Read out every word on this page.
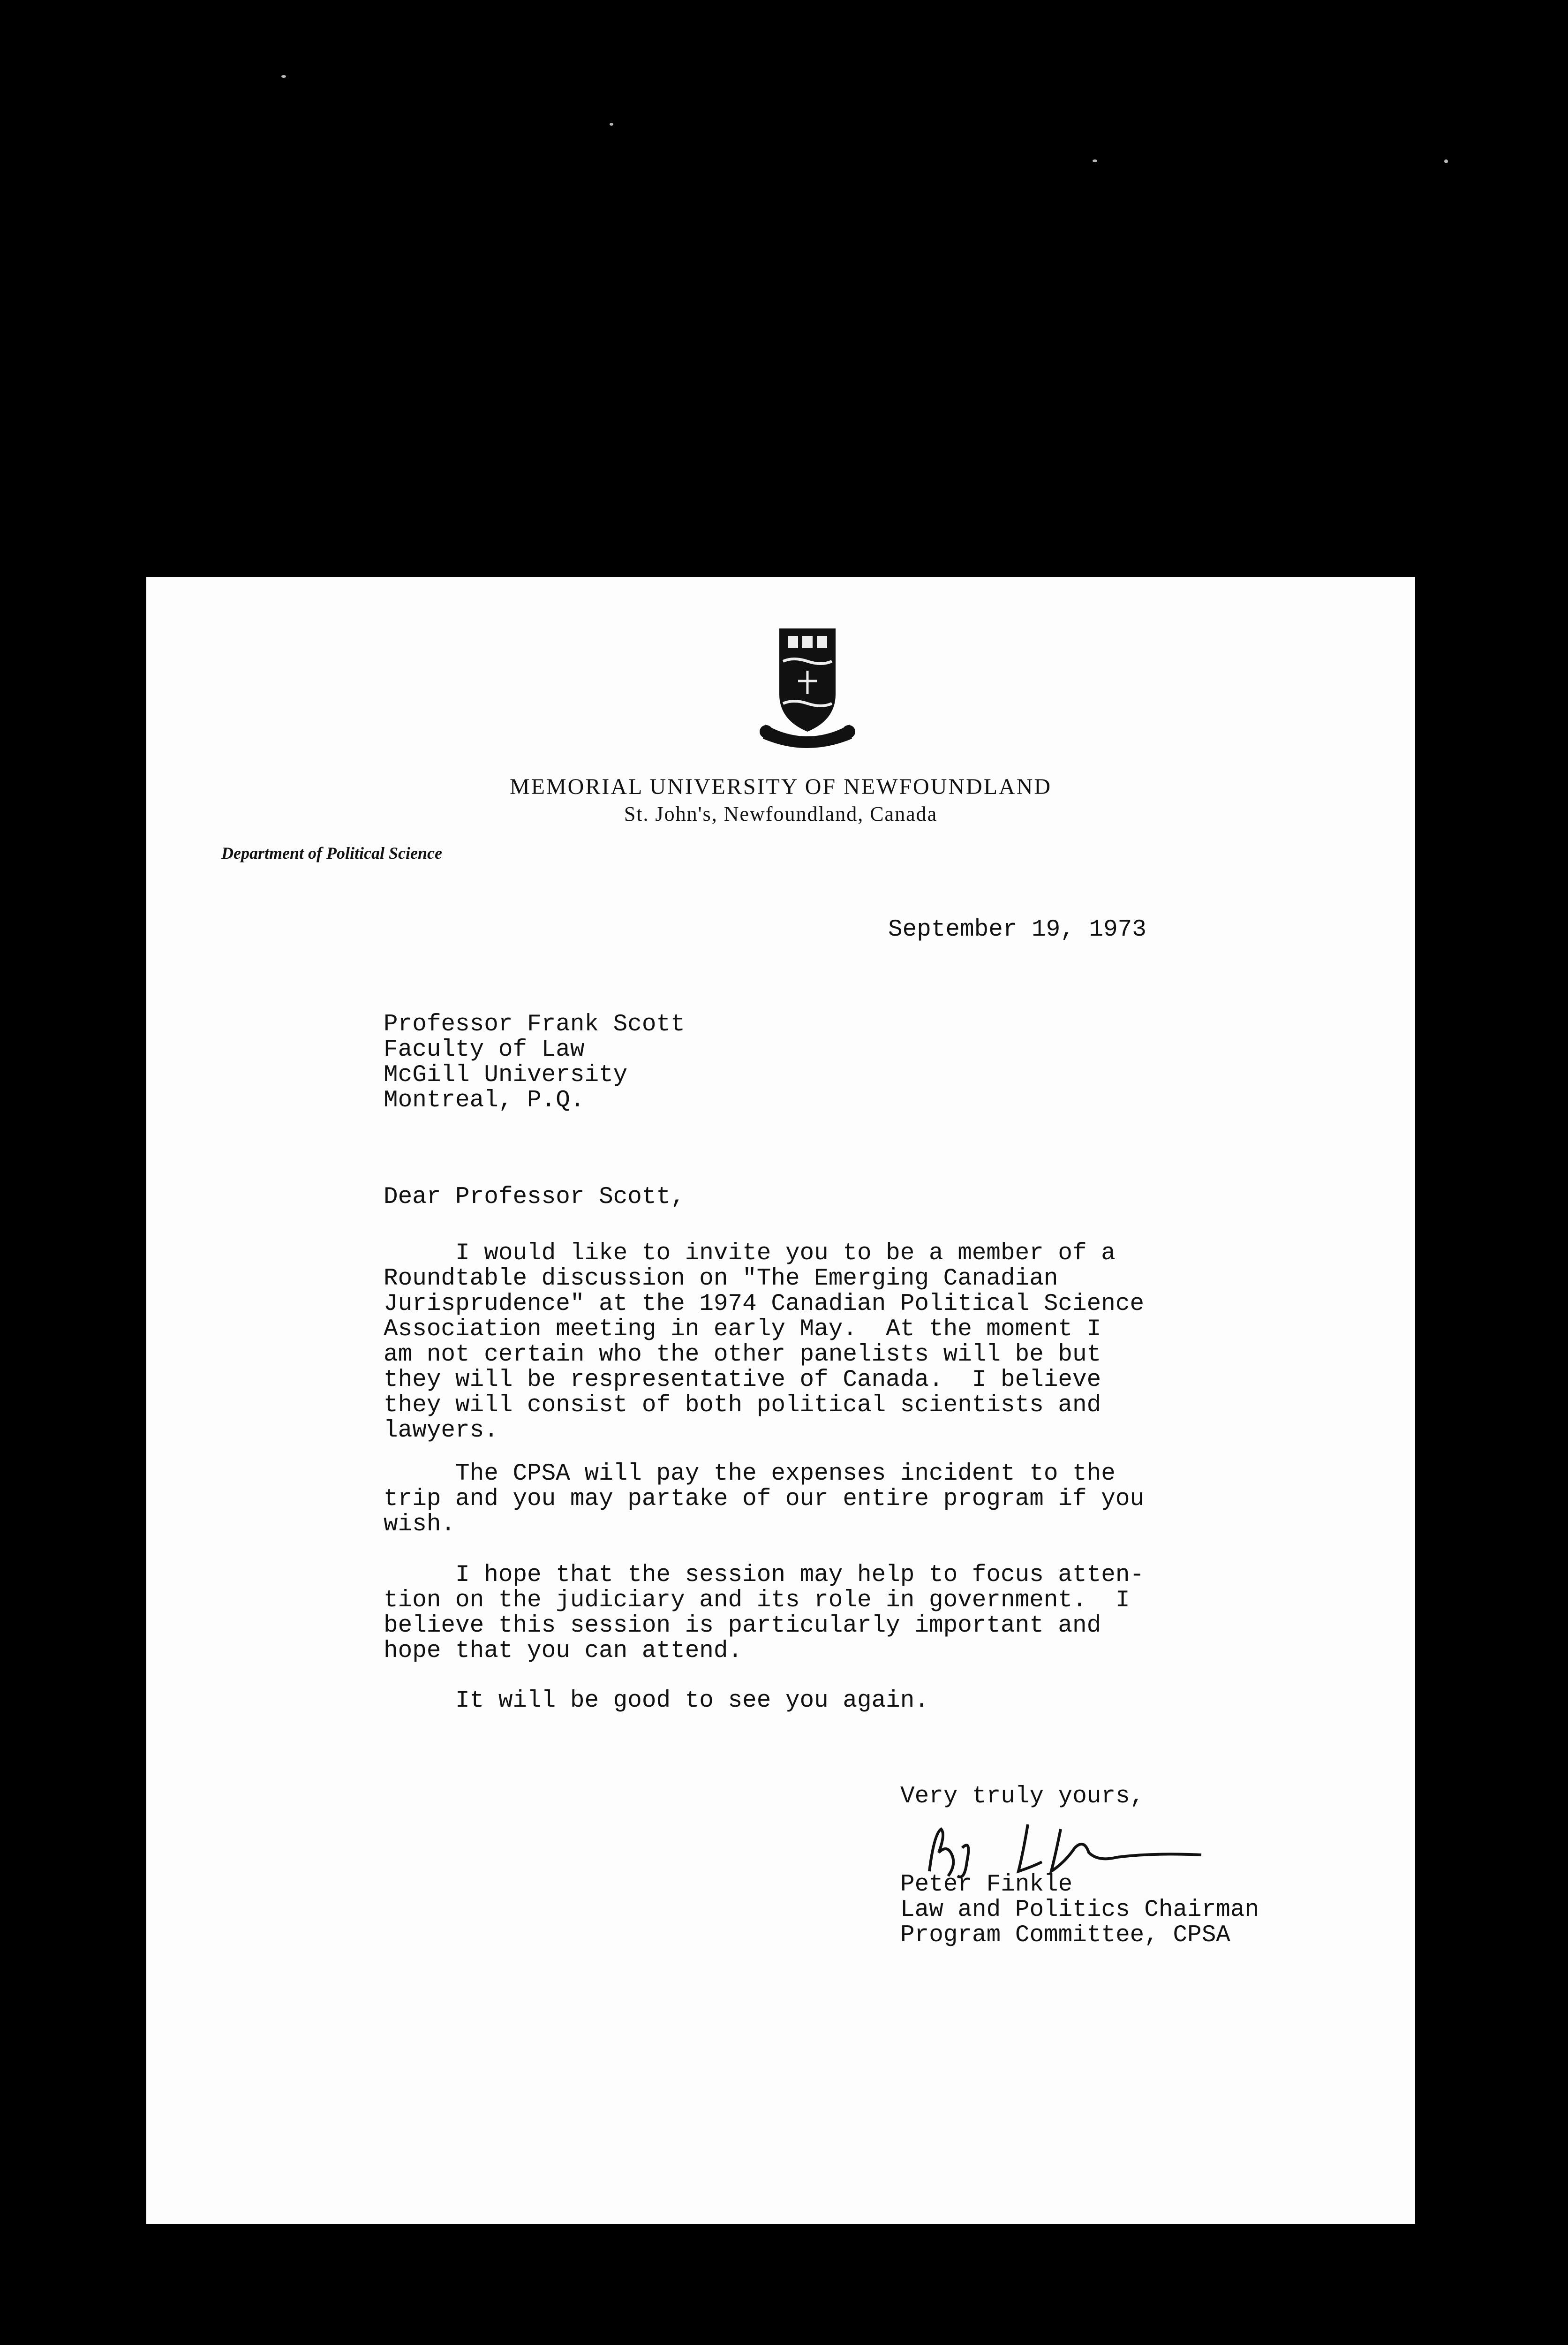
MEMORIAL UNIVERSITY OF NEWFOUNDLAND
St. John's, Newfoundland, Canada
Department of Political Science
September 19, 1973
Professor Frank Scott
Faculty of Law
McGill University
Montreal, P.Q.
Dear Professor Scott,
I would like to invite you to be a member of a
Roundtable discussion on "The Emerging Canadian
Jurisprudence" at the 1974 Canadian Political Science
Association meeting in early May.  At the moment I
am not certain who the other panelists will be but
they will be respresentative of Canada.  I believe
they will consist of both political scientists and
lawyers.
The CPSA will pay the expenses incident to the
trip and you may partake of our entire program if you
wish.
I hope that the session may help to focus atten-
tion on the judiciary and its role in government.  I
believe this session is particularly important and
hope that you can attend.
It will be good to see you again.
Very truly yours,
Peter Finkle
Law and Politics Chairman
Program Committee, CPSA
